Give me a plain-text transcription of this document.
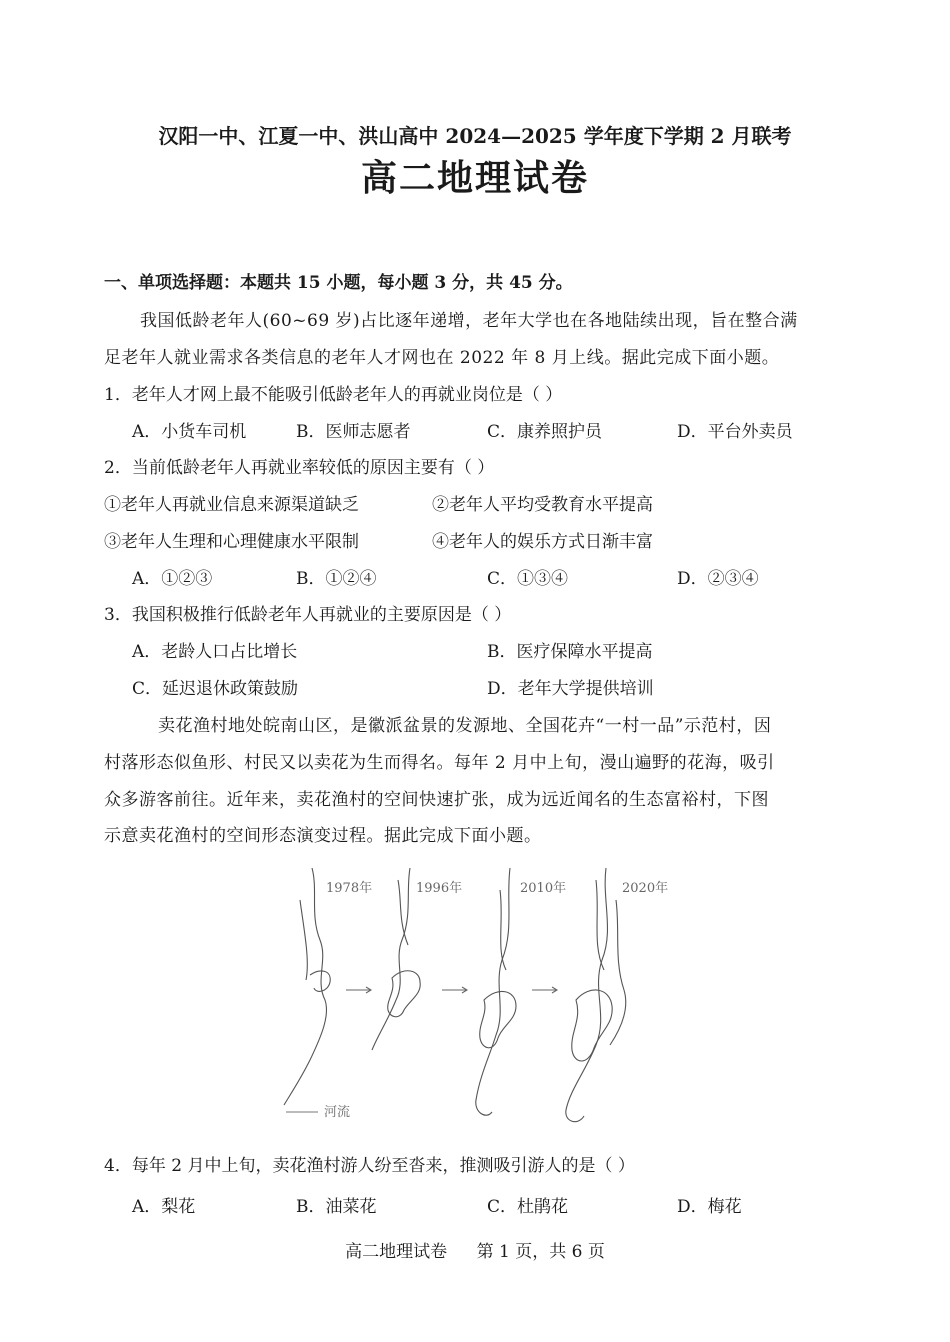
汉阳一中、江夏一中、洪山高中 2024—2025 学年度下学期 2 月联考
高二地理试卷
一、单项选择题：本题共 15 小题，每小题 3 分，共 45 分。
我国低龄老年人(60~69 岁)占比逐年递增，老年大学也在各地陆续出现，旨在整合满
足老年人就业需求各类信息的老年人才网也在 2022 年 8 月上线。据此完成下面小题。
1．老年人才网上最不能吸引低龄老年人的再就业岗位是（ ）
A．小货车司机	B．医师志愿者	C．康养照护员	D．平台外卖员
2．当前低龄老年人再就业率较低的原因主要有（ ）
①老年人再就业信息来源渠道缺乏	②老年人平均受教育水平提高
③老年人生理和心理健康水平限制	④老年人的娱乐方式日渐丰富
A．①②③	B．①②④	C．①③④	D．②③④
3．我国积极推行低龄老年人再就业的主要原因是（ ）
A．老龄人口占比增长	B．医疗保障水平提高
C．延迟退休政策鼓励	D．老年大学提供培训
卖花渔村地处皖南山区，是徽派盆景的发源地、全国花卉“一村一品”示范村，因
村落形态似鱼形、村民又以卖花为生而得名。每年 2 月中上旬，漫山遍野的花海，吸引
众多游客前往。近年来，卖花渔村的空间快速扩张，成为远近闻名的生态富裕村，下图
示意卖花渔村的空间形态演变过程。据此完成下面小题。
1978年	1996年	2010年	2020年
河流
4．每年 2 月中上旬，卖花渔村游人纷至沓来，推测吸引游人的是（ ）
A．梨花	B．油菜花	C．杜鹃花	D．梅花
高二地理试卷 第 1 页，共 6 页
